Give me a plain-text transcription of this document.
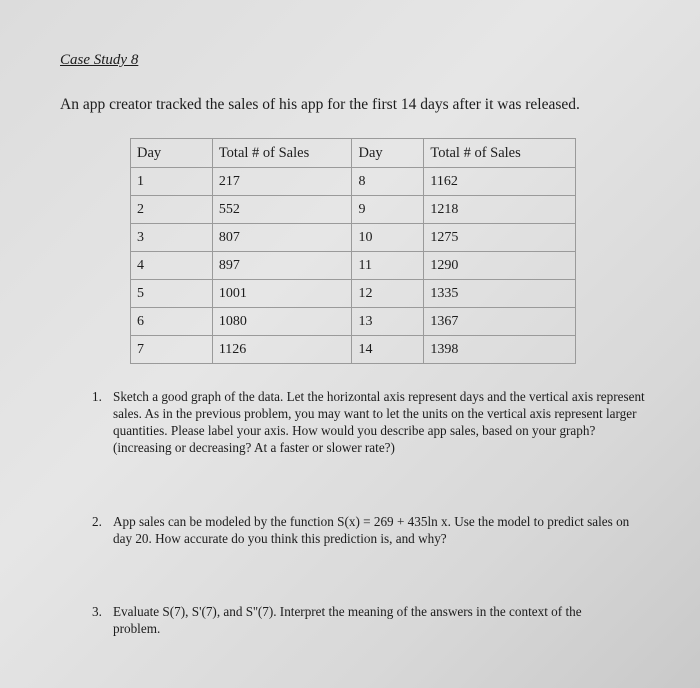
Case Study 8
An app creator tracked the sales of his app for the first 14 days after it was released.
Day	Total # of Sales	Day	Total # of Sales
1	217	8	1162
2	552	9	1218
3	807	10	1275
4	897	11	1290
5	1001	12	1335
6	1080	13	1367
7	1126	14	1398
1. Sketch a good graph of the data. Let the horizontal axis represent days and the vertical axis represent sales. As in the previous problem, you may want to let the units on the vertical axis represent larger quantities. Please label your axis. How would you describe app sales, based on your graph? (increasing or decreasing? At a faster or slower rate?)
2. App sales can be modeled by the function S(x) = 269 + 435ln x. Use the model to predict sales on day 20. How accurate do you think this prediction is, and why?
3. Evaluate S(7), S'(7), and S''(7). Interpret the meaning of the answers in the context of the problem.
